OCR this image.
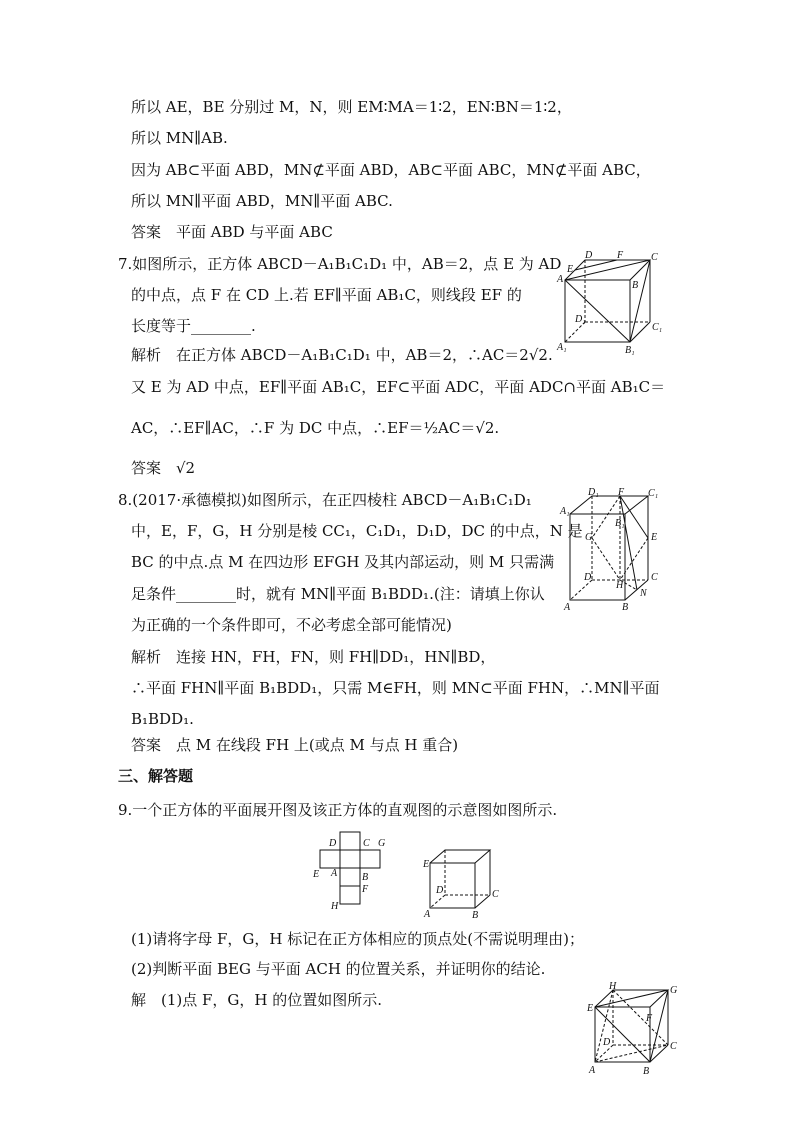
所以 AE，BE 分别过 M，N，则 EM∶MA＝1∶2，EN∶BN＝1∶2，
所以 MN∥AB.
因为 AB⊂平面 ABD，MN⊄平面 ABD，AB⊂平面 ABC，MN⊄平面 ABC，
所以 MN∥平面 ABD，MN∥平面 ABC.
答案　平面 ABD 与平面 ABC
7.如图所示，正方体 ABCD－A₁B₁C₁D₁ 中，AB＝2，点 E 为 AD
的中点，点 F 在 CD 上.若 EF∥平面 AB₁C，则线段 EF 的
长度等于________.
解析　在正方体 ABCD－A₁B₁C₁D₁ 中，AB＝2，∴AC＝2√2.
又 E 为 AD 中点，EF∥平面 AB₁C，EF⊂平面 ADC，平面 ADC∩平面 AB₁C＝
AC，∴EF∥AC，∴F 为 DC 中点，∴EF＝½AC＝√2.
答案　√2
8.(2017·承德模拟)如图所示，在正四棱柱 ABCD－A₁B₁C₁D₁
中，E，F，G，H 分别是棱 CC₁，C₁D₁，D₁D，DC 的中点，N 是
BC 的中点.点 M 在四边形 EFGH 及其内部运动，则 M 只需满
足条件________时，就有 MN∥平面 B₁BDD₁.(注：请填上你认
为正确的一个条件即可，不必考虑全部可能情况)
解析　连接 HN，FH，FN，则 FH∥DD₁，HN∥BD，
∴平面 FHN∥平面 B₁BDD₁，只需 M∈FH，则 MN⊂平面 FHN，∴MN∥平面
B₁BDD₁.
答案　点 M 在线段 FH 上(或点 M 与点 H 重合)
三、解答题
9.一个正方体的平面展开图及该正方体的直观图的示意图如图所示.
(1)请将字母 F，G，H 标记在正方体相应的顶点处(不需说明理由)；
(2)判断平面 BEG 与平面 ACH 的位置关系，并证明你的结论.
解　(1)点 F，G，H 的位置如图所示.
D F	C
E
A
B
D₁
C₁
A₁	B₁
D₁ F C₁
A₁
B₁
G	E
D
H
C
N
A	B
D	C G
E A B
F
H
E
D	C
A	B
H	G
E
F
D	C
A	B
